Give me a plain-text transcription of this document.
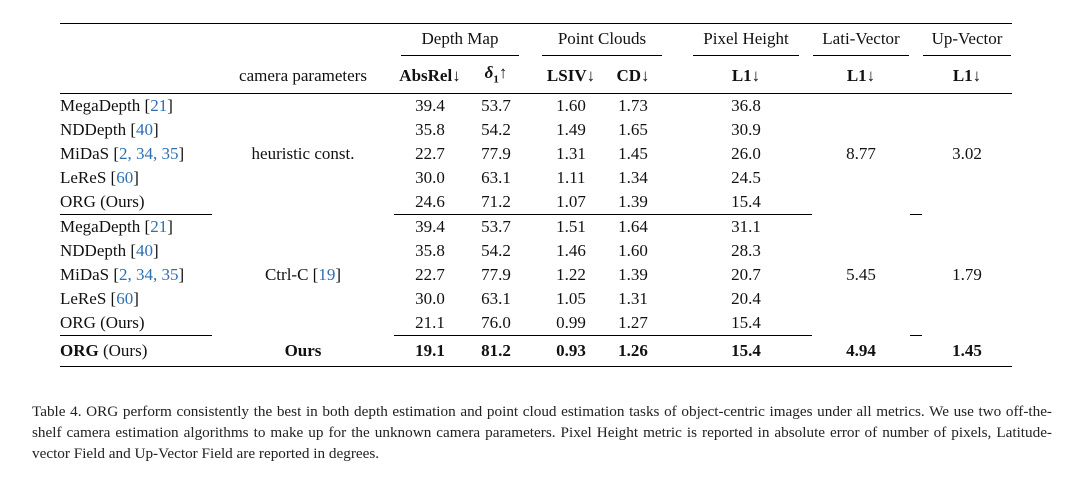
		Depth Map			Point Clouds			Pixel Height		Lati-Vector		Up-Vector
	camera parameters	AbsRel↓	$\delta_1↑$		LSIV↓	CD↓		L1↓		L1↓		L1↓
MegaDepth [21]	heuristic const.	39.4	53.7		1.60	1.73		36.8		8.77		3.02
NDDepth [40]		35.8	54.2		1.49	1.65		30.9				
MiDaS [2, 34, 35]		22.7	77.9		1.31	1.45		26.0				
LeReS [60]		30.0	63.1		1.11	1.34		24.5				
ORG (Ours)		24.6	71.2		1.07	1.39		15.4				
MegaDepth [21]	Ctrl-C [19]	39.4	53.7		1.51	1.64		31.1		5.45		1.79
NDDepth [40]		35.8	54.2		1.46	1.60		28.3				
MiDaS [2, 34, 35]		22.7	77.9		1.22	1.39		20.7				
LeReS [60]		30.0	63.1		1.05	1.31		20.4				
ORG (Ours)		21.1	76.0		0.99	1.27		15.4				
ORG (Ours)	Ours	19.1	81.2		0.93	1.26		15.4		4.94		1.45
Table 4. ORG perform consistently the best in both depth estimation and point cloud estimation tasks of object-centric images under all metrics. We use two off-the-shelf camera estimation algorithms to make up for the unknown camera parameters. Pixel Height metric is reported in absolute error of number of pixels, Latitude-vector Field and Up-Vector Field are reported in degrees.
